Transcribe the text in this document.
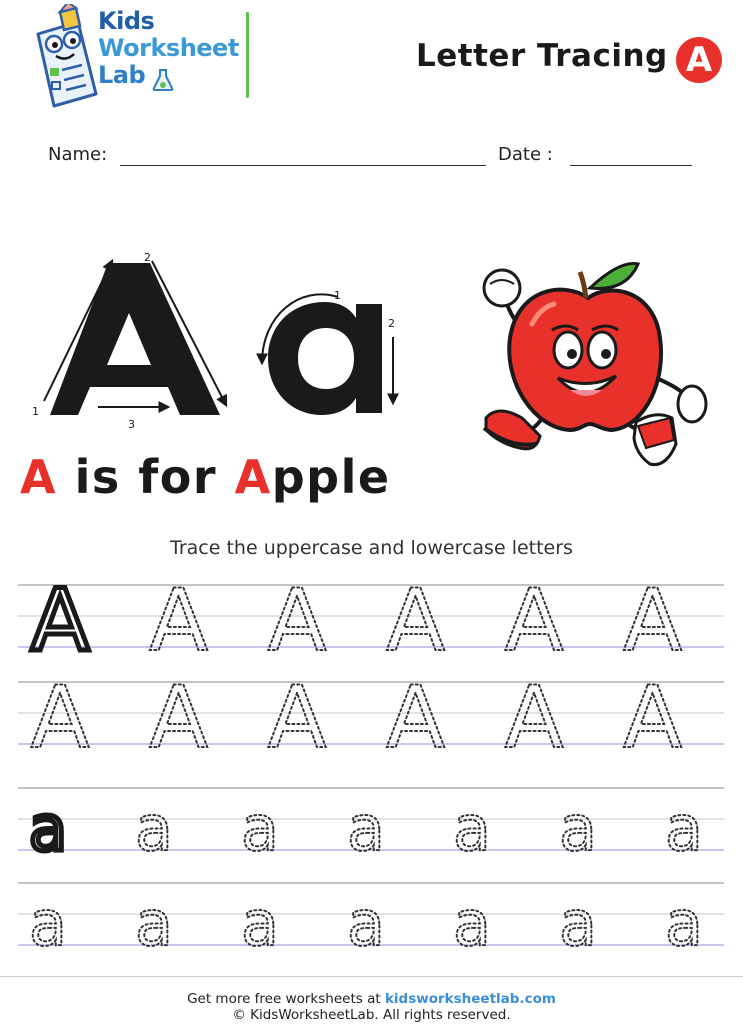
Kids
Worksheet
Lab
Letter Tracing A
Name:	Date :
1
2
3
1
2
A is for Apple
Trace the uppercase and lowercase letters
A A A A A A
A A A A A A
a a a a a a a
a a a a a a a
Get more free worksheets at kidsworksheetlab.com
© KidsWorksheetLab. All rights reserved.
